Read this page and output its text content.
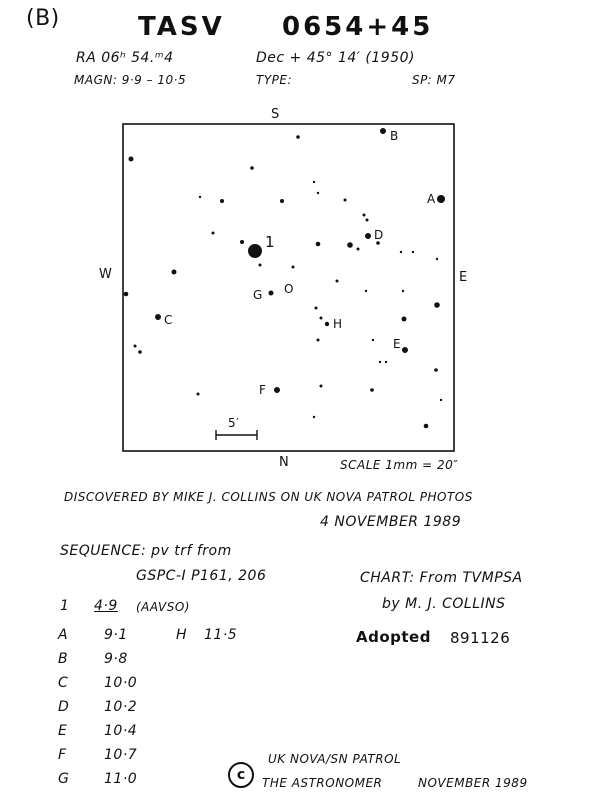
(B)	TASV 0654+45
RA 06ʰ 54.ᵐ4	Dec + 45° 14′ (1950)
MAGN: 9·9 – 10·5	TYPE:	SP: M7
S
N
E
W
1
A
B
C
D
E
F
G
H
O
5′
SCALE 1mm = 20″
DISCOVERED BY MIKE J. COLLINS ON UK NOVA PATROL PHOTOS
4 NOVEMBER 1989
SEQUENCE: pv trf from
GSPC-I P161, 206
1 4·9 (AAVSO)
A	9·1
B	9·8
C	10·0
D 10·2
E	10·4
F	10·7
G 11·0
H 11·5
CHART: From TVMPSA
by M. J. COLLINS
Adopted 891126
c
UK NOVA/SN PATROL
THE ASTRONOMER	NOVEMBER 1989
